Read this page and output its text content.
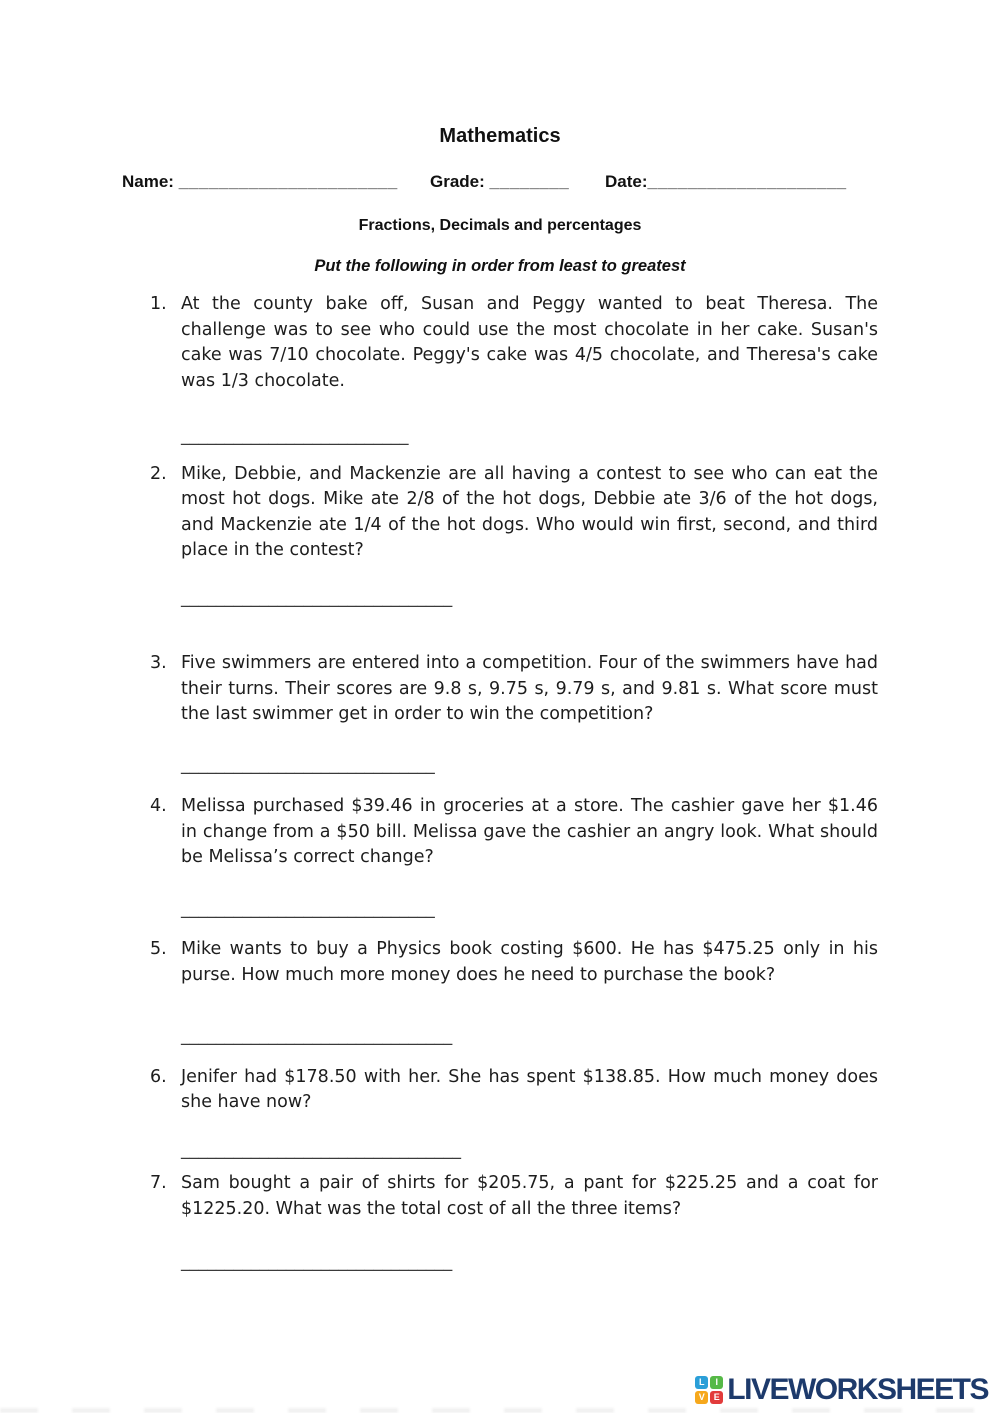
Mathematics
Name: ______________________	Grade: ________	Date:____________________
Fractions, Decimals and percentages
Put the following in order from least to greatest
1. At the county bake off, Susan and Peggy wanted to beat Theresa. The challenge was to see who could use the most chocolate in her cake. Susan's cake was 7/10 chocolate. Peggy's cake was 4/5 chocolate, and Theresa's cake was 1/3 chocolate.

__________________________
2. Mike, Debbie, and Mackenzie are all having a contest to see who can eat the most hot dogs. Mike ate 2/8 of the hot dogs, Debbie ate 3/6 of the hot dogs, and Mackenzie ate 1/4 of the hot dogs. Who would win first, second, and third place in the contest?

_______________________________
3. Five swimmers are entered into a competition. Four of the swimmers have had their turns. Their scores are 9.8 s, 9.75 s, 9.79 s, and 9.81 s. What score must the last swimmer get in order to win the competition?

_____________________________
4. Melissa purchased $39.46 in groceries at a store. The cashier gave her $1.46 in change from a $50 bill. Melissa gave the cashier an angry look. What should be Melissa’s correct change?

_____________________________
5. Mike wants to buy a Physics book costing $600. He has $475.25 only in his purse. How much more money does he need to purchase the book?

_______________________________
6. Jenifer had $178.50 with her. She has spent $138.85. How much money does she have now?

________________________________
7. Sam bought a pair of shirts for $205.75, a pant for $225.25 and a coat for $1225.20. What was the total cost of all the three items?

_______________________________
L	I
V E LIVEWORKSHEETS
